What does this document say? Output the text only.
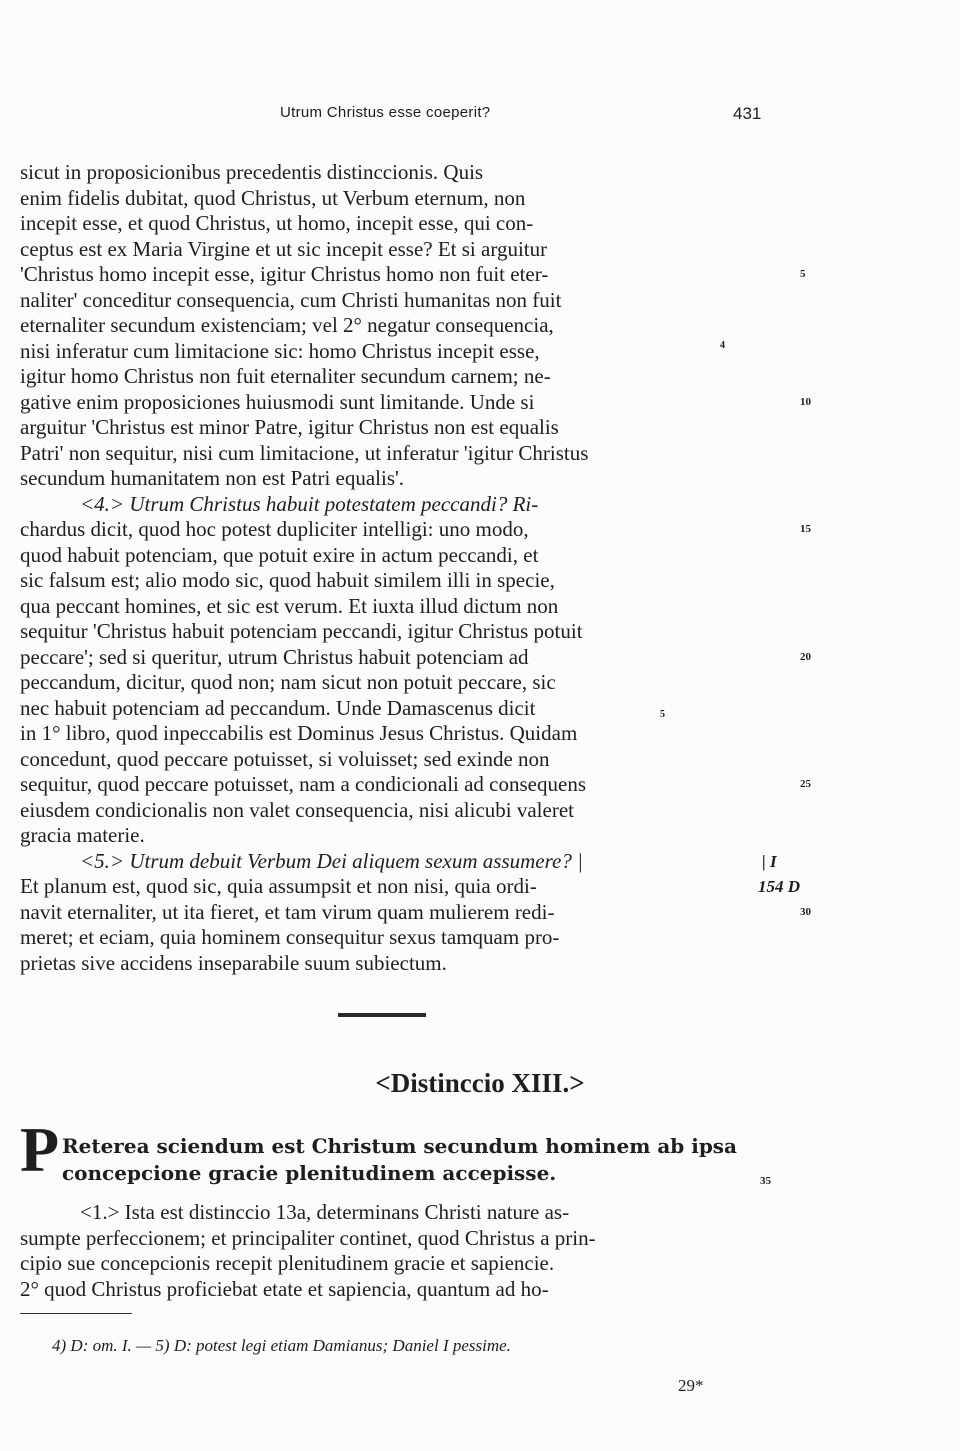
Utrum Christus esse coeperit?	431
sicut in proposicionibus precedentis distinccionis. Quis
enim fidelis dubitat, quod Christus, ut Verbum eternum, non
incepit esse, et quod Christus, ut homo, incepit esse, qui con-
ceptus est ex Maria Virgine et ut sic incepit esse? Et si arguitur
'Christus homo incepit esse, igitur Christus homo non fuit eter-	5
naliter' conceditur consequencia, cum Christi humanitas non fuit
eternaliter secundum existenciam; vel 2° negatur consequencia,
nisi inferatur cum limitacione sic: homo Christus incepit esse,	4
igitur homo Christus non fuit eternaliter secundum carnem; ne-
gative enim proposiciones huiusmodi sunt limitande. Unde si	10
arguitur 'Christus est minor Patre, igitur Christus non est equalis
Patri' non sequitur, nisi cum limitacione, ut inferatur 'igitur Christus
secundum humanitatem non est Patri equalis'.
<4.> Utrum Christus habuit potestatem peccandi? Ri-
chardus dicit, quod hoc potest dupliciter intelligi: uno modo,	15
quod habuit potenciam, que potuit exire in actum peccandi, et
sic falsum est; alio modo sic, quod habuit similem illi in specie,
qua peccant homines, et sic est verum. Et iuxta illud dictum non
sequitur 'Christus habuit potenciam peccandi, igitur Christus potuit
peccare'; sed si queritur, utrum Christus habuit potenciam ad	20
peccandum, dicitur, quod non; nam sicut non potuit peccare, sic
nec habuit potenciam ad peccandum. Unde Damascenus dicit	5
in 1° libro, quod inpeccabilis est Dominus Jesus Christus. Quidam
concedunt, quod peccare potuisset, si voluisset; sed exinde non
sequitur, quod peccare potuisset, nam a condicionali ad consequens	25
eiusdem condicionalis non valet consequencia, nisi alicubi valeret
gracia materie.
<5.> Utrum debuit Verbum Dei aliquem sexum assumere? |	| I
Et planum est, quod sic, quia assumpsit et non nisi, quia ordi-	154 D
navit eternaliter, ut ita fieret, et tam virum quam mulierem redi-	30
meret; et eciam, quia hominem consequitur sexus tamquam pro-
prietas sive accidens inseparabile suum subiectum.
<Distinccio XIII.>
P Reterea sciendum est Christum secundum hominem ab ipsa
concepcione gracie plenitudinem accepisse.	35
<1.> Ista est distinccio 13a, determinans Christi nature as-
sumpte perfeccionem; et principaliter continet, quod Christus a prin-
cipio sue concepcionis recepit plenitudinem gracie et sapiencie.
2° quod Christus proficiebat etate et sapiencia, quantum ad ho-
4) D: om. I. — 5) D: potest legi etiam Damianus; Daniel I pessime.
29*
